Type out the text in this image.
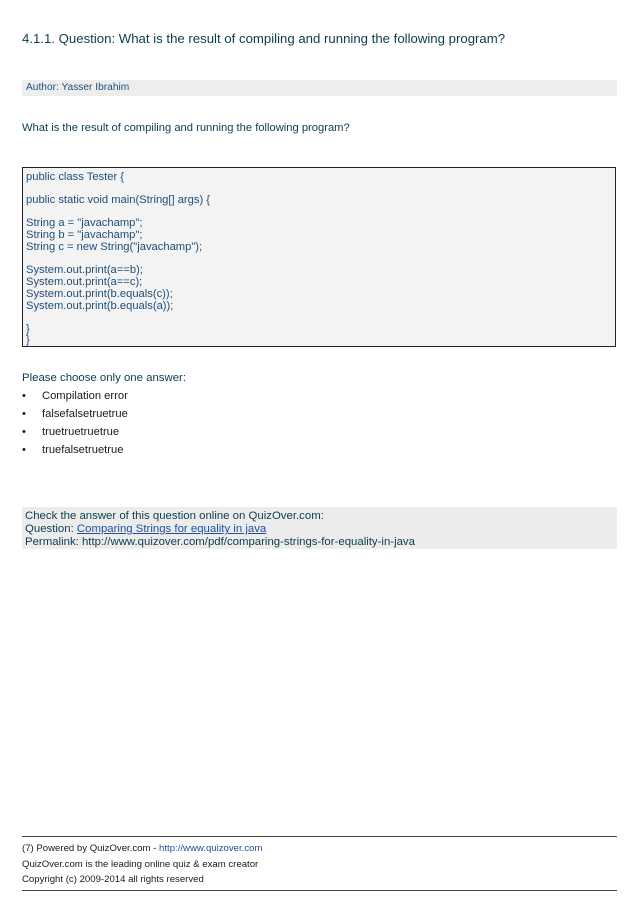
4.1.1. Question: What is the result of compiling and running the following program?
Author: Yasser Ibrahim
What is the result of compiling and running the following program?
public class Tester {
public static void main(String[] args) {
String a = "javachamp";
String b = "javachamp";
String c = new String("javachamp");
System.out.print(a==b);
System.out.print(a==c);
System.out.print(b.equals(c));
System.out.print(b.equals(a));
}
}
Please choose only one answer:
• Compilation error
• falsefalsetruetrue
• truetruetruetrue
• truefalsetruetrue
Check the answer of this question online on QuizOver.com:
Question: Comparing Strings for equality in java
Permalink: http://www.quizover.com/pdf/comparing-strings-for-equality-in-java
(7) Powered by QuizOver.com - http://www.quizover.com
QuizOver.com is the leading online quiz & exam creator
Copyright (c) 2009-2014 all rights reserved
